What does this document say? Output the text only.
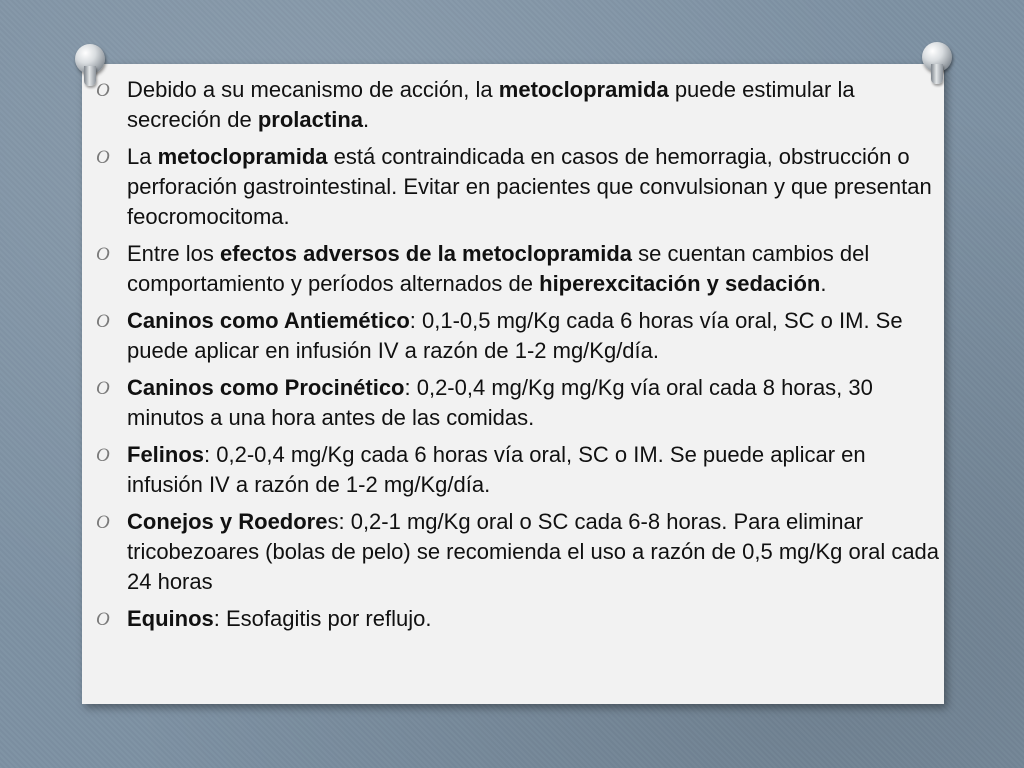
O Debido a su mecanismo de acción, la metoclopramida puede estimular la secreción de prolactina.
O La metoclopramida está contraindicada en casos de hemorragia, obstrucción o perforación gastrointestinal. Evitar en pacientes que convulsionan y que presentan feocromocitoma.
O Entre los efectos adversos de la metoclopramida se cuentan cambios del comportamiento y períodos alternados de hiperexcitación y sedación.
O Caninos como Antiemético: 0,1-0,5 mg/Kg cada 6 horas vía oral, SC o IM. Se puede aplicar en infusión IV a razón de 1-2 mg/Kg/día.
O Caninos como Procinético: 0,2-0,4 mg/Kg mg/Kg vía oral cada 8 horas, 30 minutos a una hora antes de las comidas.
O Felinos: 0,2-0,4 mg/Kg cada 6 horas vía oral, SC o IM. Se puede aplicar en infusión IV a razón de 1-2 mg/Kg/día.
O Conejos y Roedores: 0,2-1 mg/Kg oral o SC cada 6-8 horas. Para eliminar tricobezoares (bolas de pelo) se recomienda el uso a razón de 0,5 mg/Kg oral cada 24 horas
O Equinos: Esofagitis por reflujo.
